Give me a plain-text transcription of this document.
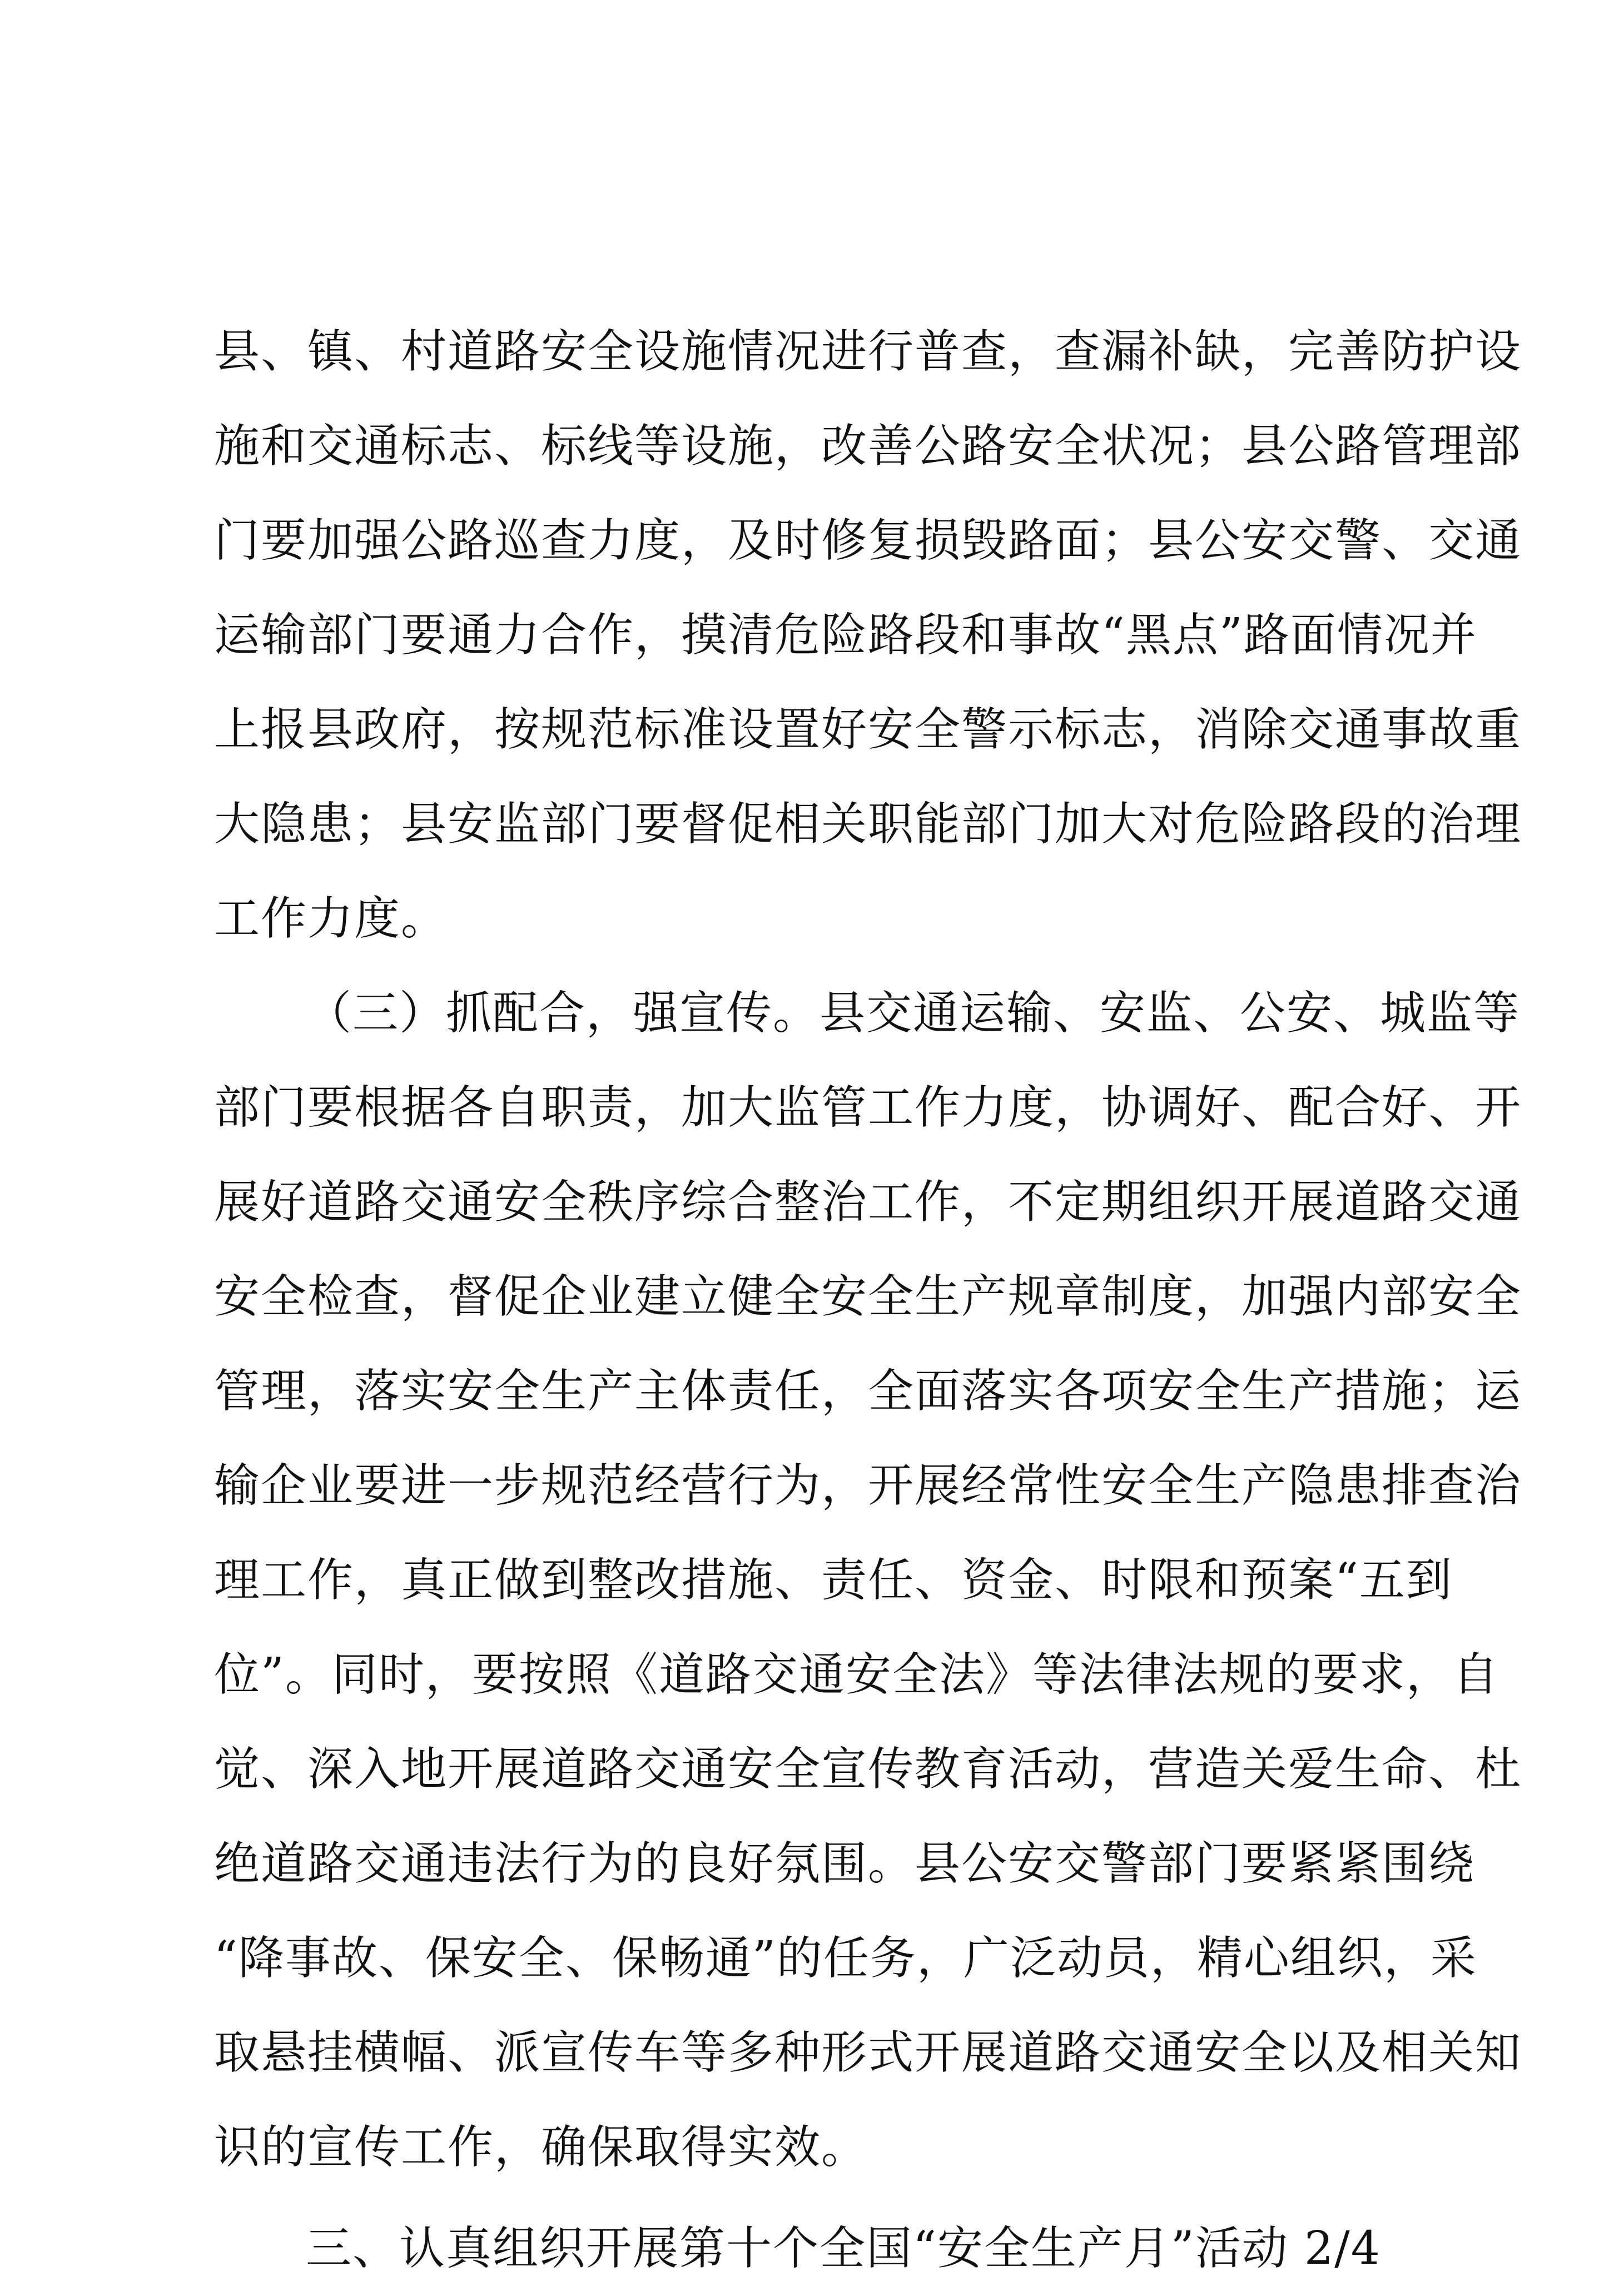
县、镇、村道路安全设施情况进行普查，查漏补缺，完善防护设
施和交通标志、标线等设施，改善公路安全状况；县公路管理部
门要加强公路巡查力度，及时修复损毁路面；县公安交警、交通
运输部门要通力合作，摸清危险路段和事故“黑点”路面情况并
上报县政府，按规范标准设置好安全警示标志，消除交通事故重
大隐患；县安监部门要督促相关职能部门加大对危险路段的治理
工作力度。
（三）抓配合，强宣传。县交通运输、安监、公安、城监等
部门要根据各自职责，加大监管工作力度，协调好、配合好、开
展好道路交通安全秩序综合整治工作，不定期组织开展道路交通
安全检查，督促企业建立健全安全生产规章制度，加强内部安全
管理，落实安全生产主体责任，全面落实各项安全生产措施；运
输企业要进一步规范经营行为，开展经常性安全生产隐患排查治
理工作，真正做到整改措施、责任、资金、时限和预案“五到
位”。同时，要按照《道路交通安全法》等法律法规的要求，自
觉、深入地开展道路交通安全宣传教育活动，营造关爱生命、杜
绝道路交通违法行为的良好氛围。县公安交警部门要紧紧围绕
“降事故、保安全、保畅通”的任务，广泛动员，精心组织，采
取悬挂横幅、派宣传车等多种形式开展道路交通安全以及相关知
识的宣传工作，确保取得实效。
三、认真组织开展第十个全国“安全生产月”活动 2/4
